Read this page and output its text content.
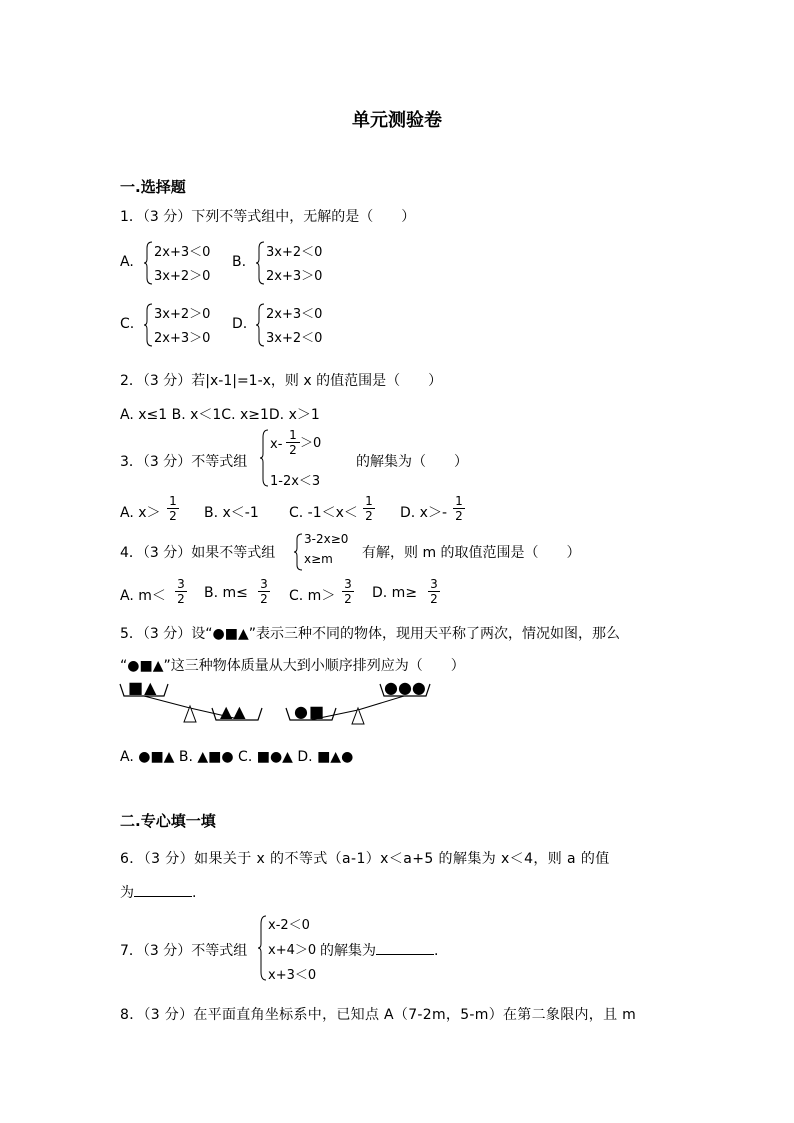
单元测验卷
一.选择题
1．（3 分）下列不等式组中，无解的是（　　）
A.
2x+3＜0
3x+2＞0
B.
3x+2＜0
2x+3＞0
C.
3x+2＞0
2x+3＞0
D.
2x+3＜0
3x+2＜0
2．（3 分）若|x-1|=1-x，则 x 的值范围是（　　）
A. x≤1 B. x＜1C. x≥1D. x＞1
3．（3 分）不等式组
x-
1
2 ＞0
1-2x＜3
的解集为（　　）
A. x＞
1
2 B. x＜-1 C. -1＜x＜
1
2 D. x＞-
1
2
4．（3 分）如果不等式组
3-2x≥0
x≥m 有解，则 m 的取值范围是（　　）
A. m＜
3
2 B. m≤
3
2 C. m＞
3
2 D. m≥
3
2
5．（3 分）设“●■▲”表示三种不同的物体，现用天平称了两次，情况如图，那么
“●■▲”这三种物体质量从大到小顺序排列应为（　　）
■▲
▲▲	●■
●●●
A. ●■▲ B. ▲■● C. ■●▲ D. ■▲●
二.专心填一填
6．（3 分）如果关于 x 的不等式（a-1）x＜a+5 的解集为 x＜4，则 a 的值
为	.
7．（3 分）不等式组
x-2＜0
x+4＞0
x+3＜0
的解集为	.
8．（3 分）在平面直角坐标系中，已知点 A（7-2m，5-m）在第二象限内，且 m
